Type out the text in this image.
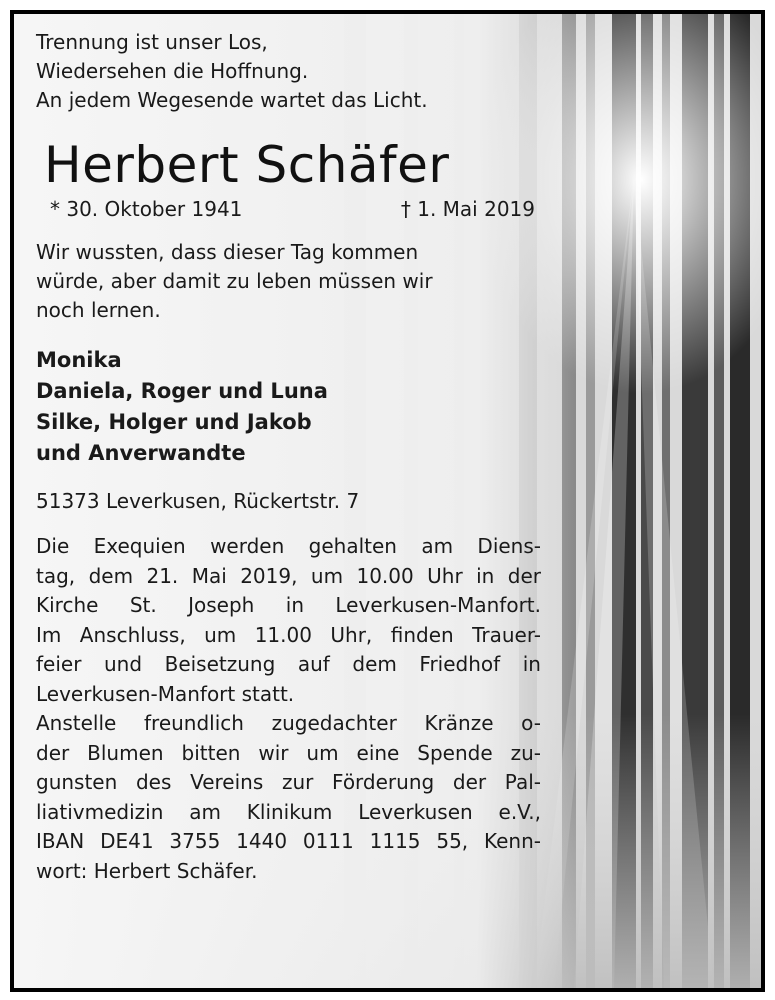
Trennung ist unser Los,
Wiedersehen die Hoffnung.
An jedem Wegesende wartet das Licht.
Herbert Schäfer
* 30. Oktober 1941	† 1. Mai 2019
Wir wussten, dass dieser Tag kommen
würde, aber damit zu leben müssen wir
noch lernen.
Monika
Daniela, Roger und Luna
Silke, Holger und Jakob
und Anverwandte
51373 Leverkusen, Rückertstr. 7
Die Exequien werden gehalten am Diens-
tag, dem 21. Mai 2019, um 10.00 Uhr in der
Kirche St. Joseph in Leverkusen-Manfort.
Im Anschluss, um 11.00 Uhr, finden Trauer-
feier und Beisetzung auf dem Friedhof in
Leverkusen-Manfort statt.
Anstelle freundlich zugedachter Kränze o-
der Blumen bitten wir um eine Spende zu-
gunsten des Vereins zur Förderung der Pal-
liativmedizin am Klinikum Leverkusen e.V.,
IBAN DE41 3755 1440 0111 1115 55, Kenn-
wort: Herbert Schäfer.
